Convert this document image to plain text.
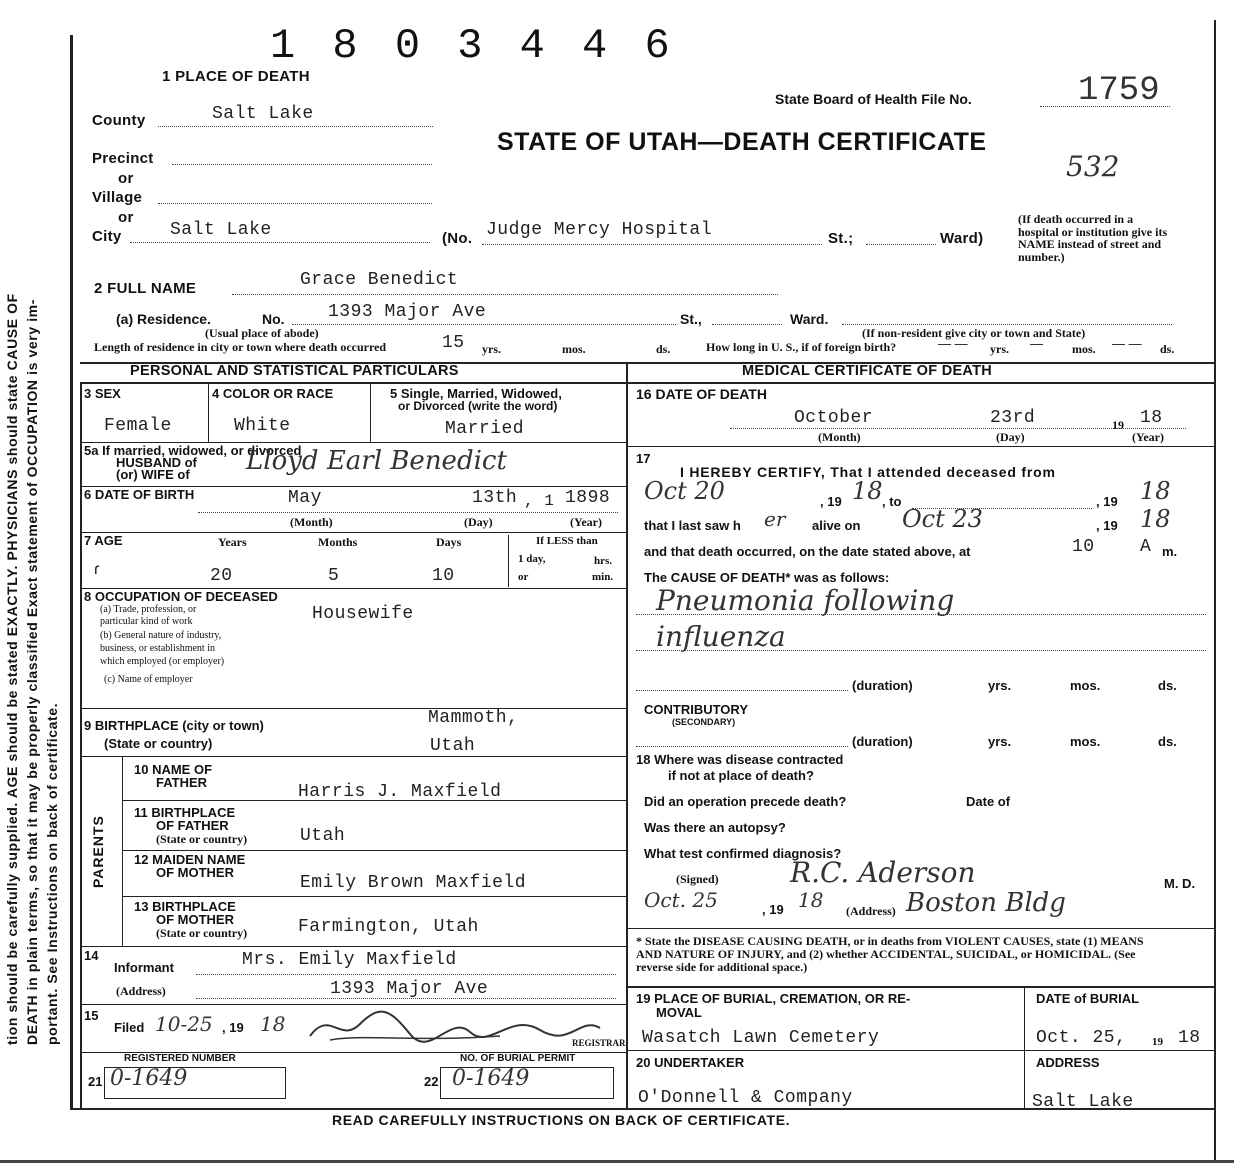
tion should be carefully supplied. AGE should be stated EXACTLY. PHYSICIANS should state CAUSE OF DEATH in plain terms, so that it may be properly classified Exact statement of OCCUPATION is very im- portant. See Instructions on back of certificate.
1 8 0 3 4 4 6
1 PLACE OF DEATH
State Board of Health File No.	1759
STATE OF UTAH—DEATH CERTIFICATE
532
County	Salt Lake
Precinct
or
Village
or
City	Salt Lake	(No. Judge Mercy Hospital	St.;	Ward)
(If death occurred in a hospital or institution give its NAME instead of street and number.)
2 FULL NAME	Grace Benedict
(a) Residence.	No. 1393 Major Ave	St.,	Ward.
(Usual place of abode)	(If non-resident give city or town and State)
Length of residence in city or town where death occurred	15 yrs.	mos.	ds.	How long in U. S., if of foreign birth?	— — yrs. — mos. — — ds.
PERSONAL AND STATISTICAL PARTICULARS	MEDICAL CERTIFICATE OF DEATH
3 SEX
Female
4 COLOR OR RACE
White
5 Single, Married, Widowed,
or Divorced (write the word)
Married
5a If married, widowed, or divorced
HUSBAND of
(or) WIFE of Lloyd Earl Benedict
6 DATE OF BIRTH	May	13th , 1 1898
(Month)	(Day)	(Year)
7 AGE	Years	Months	Days	If LESS than
1 day,	hrs.
or	min.
ɾ	20	5	10
8 OCCUPATION OF DECEASED
(a) Trade, profession, or
particular kind of work
(b) General nature of industry,
business, or establishment in
which employed (or employer)
(c) Name of employer
Housewife
9 BIRTHPLACE (city or town)
(State or country)
Mammoth,
Utah
PARENTS
10 NAME OF
FATHER	Harris J. Maxfield
11 BIRTHPLACE
OF FATHER
(State or country)	Utah
12 MAIDEN NAME
OF MOTHER
Emily Brown Maxfield
13 BIRTHPLACE
OF MOTHER
(State or country)	Farmington, Utah
14
Informant	Mrs. Emily Maxfield
(Address)	1393 Major Ave
15
Filed 10-25 , 19 18
REGISTRAR
REGISTERED NUMBER	NO. OF BURIAL PERMIT
21 0-1649	22 0-1649
16 DATE OF DEATH
October	23rd	19 18
(Month)	(Day)	(Year)
17
I HEREBY CERTIFY, That I attended deceased from
Oct 20	, 19 18 , to	, 19 18
that I last saw h er alive on Oct 23	, 19 18
and that death occurred, on the date stated above, at	10	A m.
The CAUSE OF DEATH* was as follows:
Pneumonia following
influenza
(duration)	yrs.	mos.	ds.
CONTRIBUTORY
(SECONDARY)
(duration)	yrs.	mos.	ds.
18 Where was disease contracted
if not at place of death?
Did an operation precede death?	Date of
Was there an autopsy?
What test confirmed diagnosis?
(Signed)	R.C. Aderson	M. D.
Oct. 25	, 19 18 (Address) Boston Bldg
* State the DISEASE CAUSING DEATH, or in deaths from VIOLENT CAUSES, state (1) MEANS AND NATURE OF INJURY, and (2) whether ACCIDENTAL, SUICIDAL, or HOMICIDAL. (See reverse side for additional space.)
19 PLACE OF BURIAL, CREMATION, OR RE-
MOVAL
Wasatch Lawn Cemetery
DATE of BURIAL
Oct. 25, 19 18
20 UNDERTAKER
O'Donnell & Company
ADDRESS
Salt Lake
READ CAREFULLY INSTRUCTIONS ON BACK OF CERTIFICATE.
